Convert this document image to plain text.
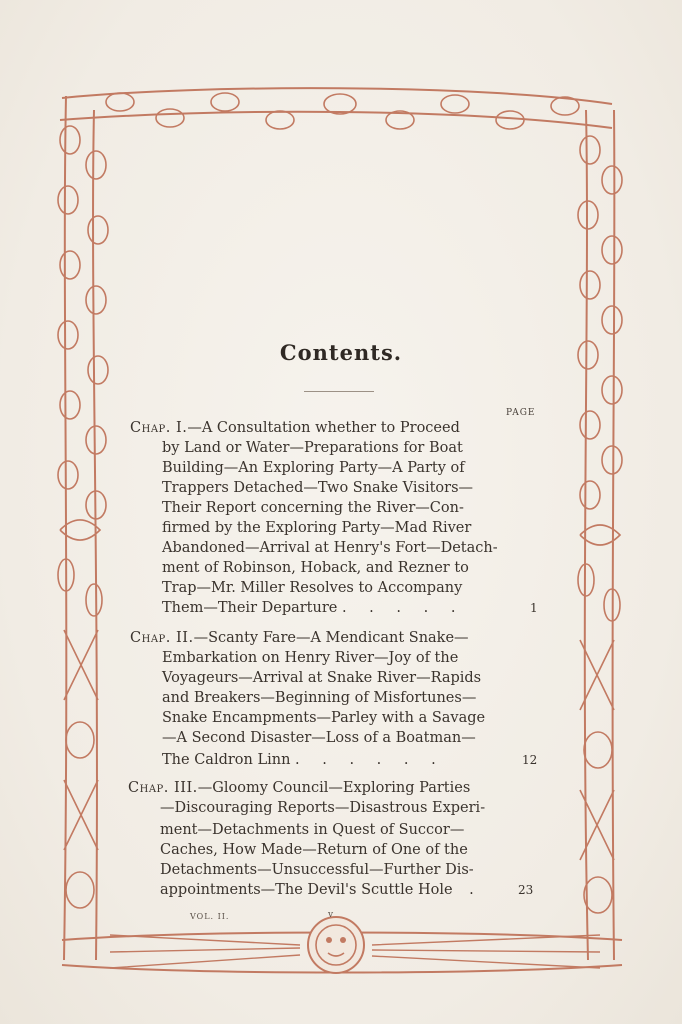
Contents.
PAGE
Chap. I.—A Consultation whether to Proceed
by Land or Water—Preparations for Boat
Building—An Exploring Party—A Party of
Trappers Detached—Two Snake Visitors—
Their Report concerning the River—Con-
firmed by the Exploring Party—Mad River
Abandoned—Arrival at Henry's Fort—Detach-
ment of Robinson, Hoback, and Rezner to
Trap—Mr. Miller Resolves to Accompany
Them—Their Departure . . . . .	1
Chap. II.—Scanty Fare—A Mendicant Snake—
Embarkation on Henry River—Joy of the
Voyageurs—Arrival at Snake River—Rapids
and Breakers—Beginning of Misfortunes—
Snake Encampments—Parley with a Savage
—A Second Disaster—Loss of a Boatman—
The Caldron Linn . . . . . .	12
Chap. III.—Gloomy Council—Exploring Parties
—Discouraging Reports—Disastrous Experi-
ment—Detachments in Quest of Succor—
Caches, How Made—Return of One of the
Detachments—Unsuccessful—Further Dis-
appointments—The Devil's Scuttle Hole .	23
VOL. II.	v
